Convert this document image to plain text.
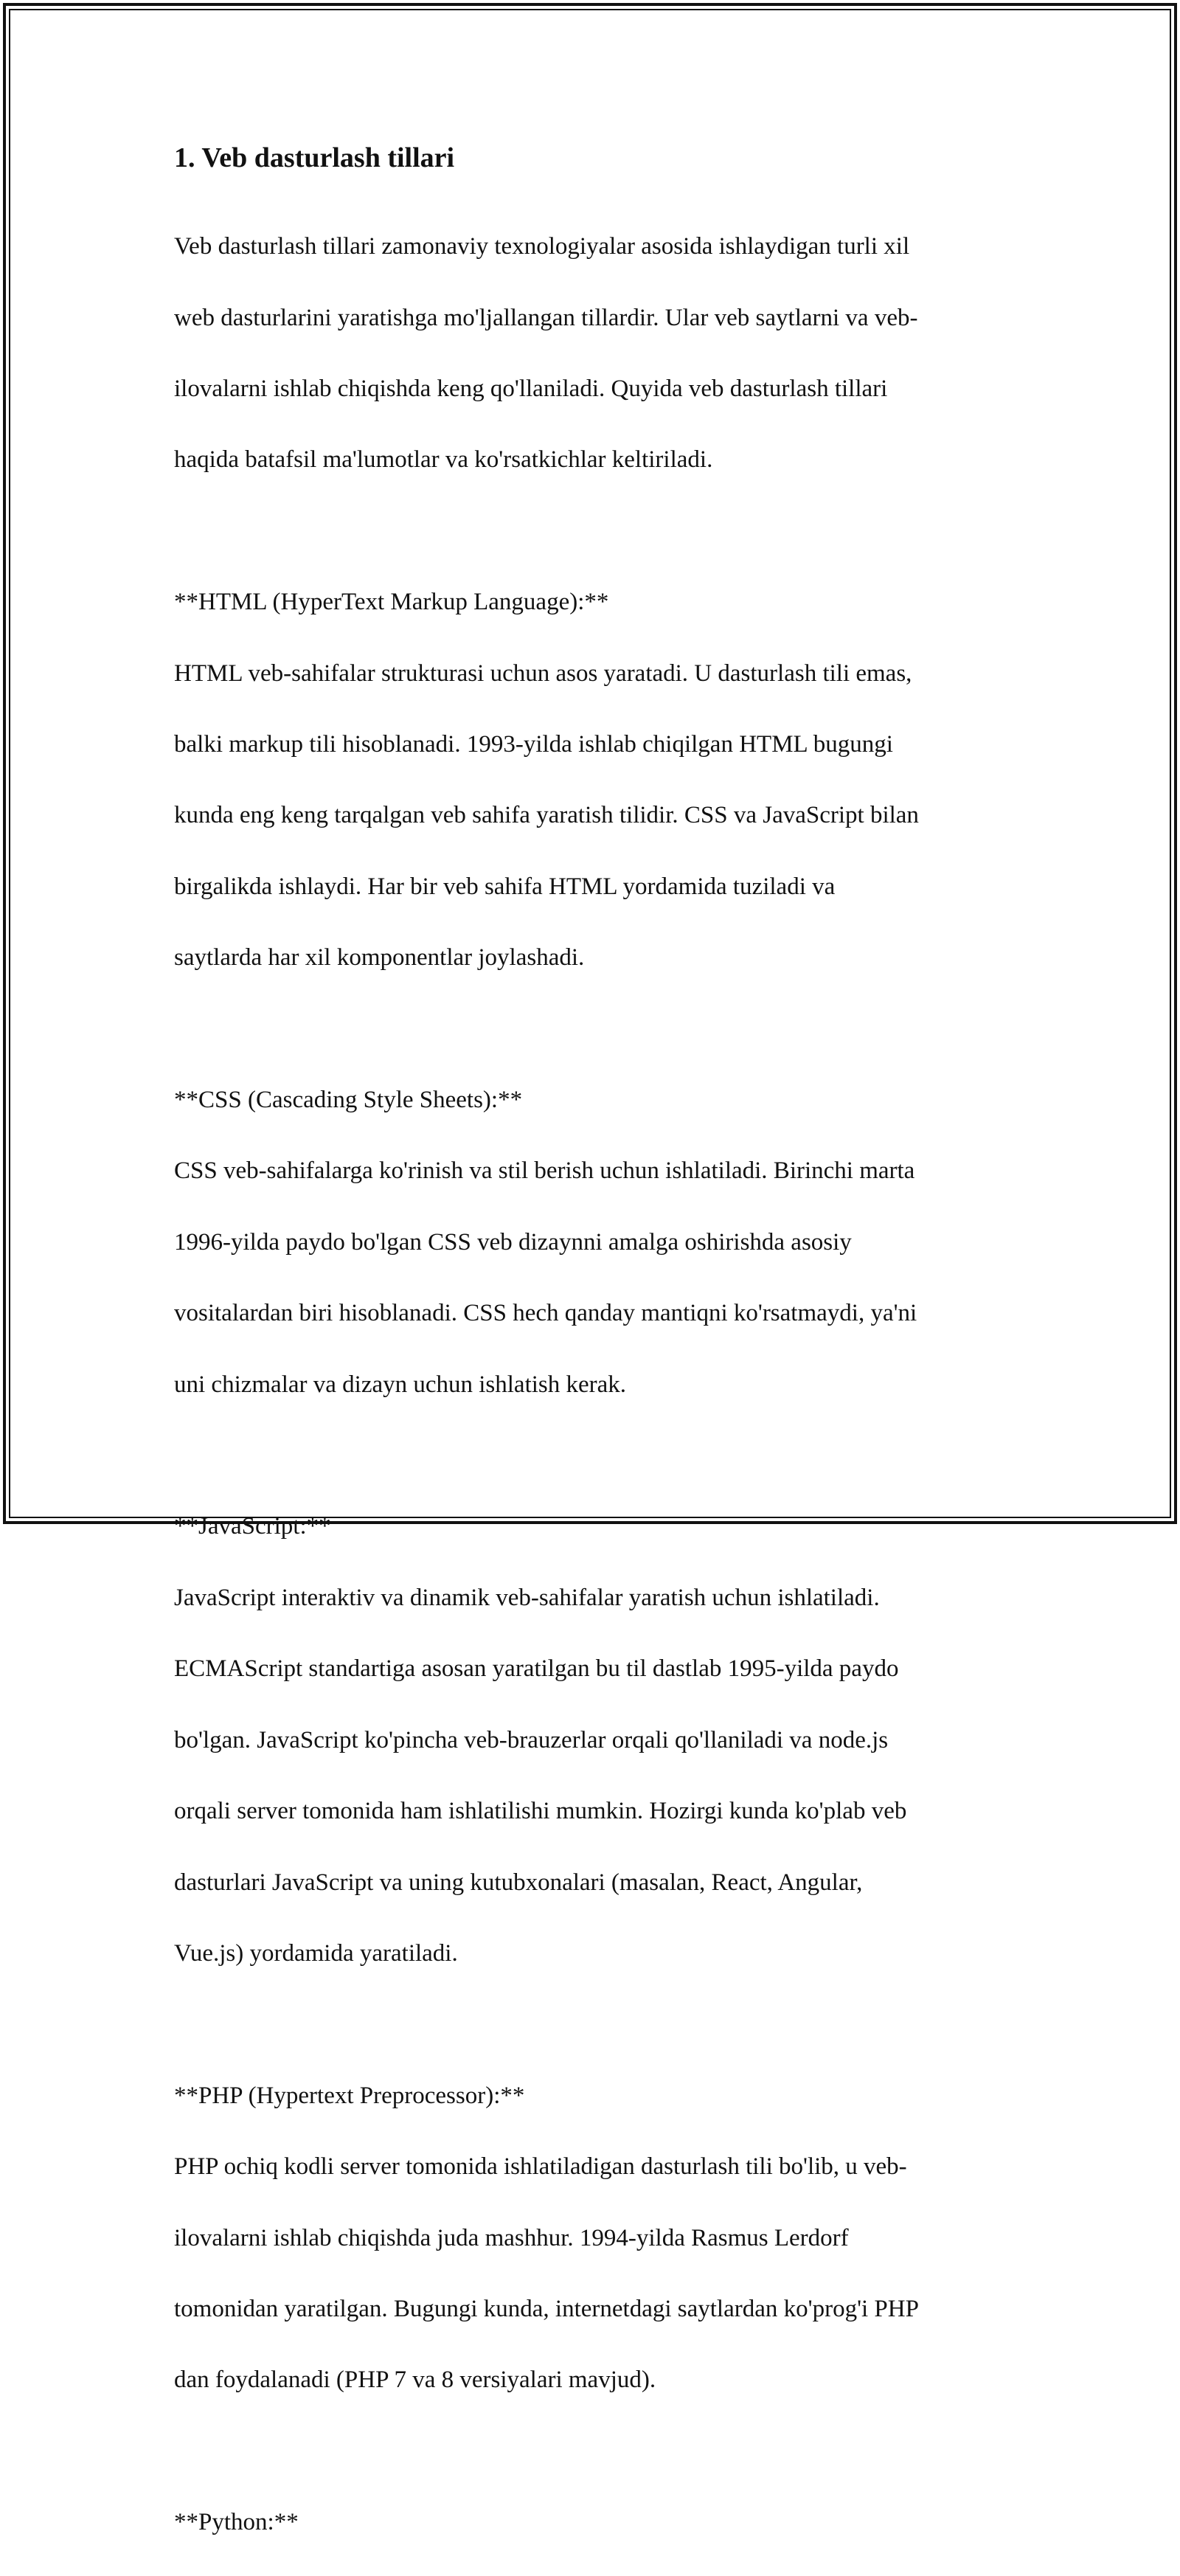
1. Veb dasturlash tillari

Veb dasturlash tillari zamonaviy texnologiyalar asosida ishlaydigan turli xil

web dasturlarini yaratishga mo'ljallangan tillardir. Ular veb saytlarni va veb-

ilovalarni ishlab chiqishda keng qo'llaniladi. Quyida veb dasturlash tillari

haqida batafsil ma'lumotlar va ko'rsatkichlar keltiriladi.

**HTML (HyperText Markup Language):**

HTML veb-sahifalar strukturasi uchun asos yaratadi. U dasturlash tili emas,

balki markup tili hisoblanadi. 1993-yilda ishlab chiqilgan HTML bugungi

kunda eng keng tarqalgan veb sahifa yaratish tilidir. CSS va JavaScript bilan

birgalikda ishlaydi. Har bir veb sahifa HTML yordamida tuziladi va

saytlarda har xil komponentlar joylashadi.

**CSS (Cascading Style Sheets):**

CSS veb-sahifalarga ko'rinish va stil berish uchun ishlatiladi. Birinchi marta

1996-yilda paydo bo'lgan CSS veb dizaynni amalga oshirishda asosiy

vositalardan biri hisoblanadi. CSS hech qanday mantiqni ko'rsatmaydi, ya'ni

uni chizmalar va dizayn uchun ishlatish kerak.

**JavaScript:**

JavaScript interaktiv va dinamik veb-sahifalar yaratish uchun ishlatiladi.

ECMAScript standartiga asosan yaratilgan bu til dastlab 1995-yilda paydo

bo'lgan. JavaScript ko'pincha veb-brauzerlar orqali qo'llaniladi va node.js

orqali server tomonida ham ishlatilishi mumkin. Hozirgi kunda ko'plab veb

dasturlari JavaScript va uning kutubxonalari (masalan, React, Angular,

Vue.js) yordamida yaratiladi.

**PHP (Hypertext Preprocessor):**

PHP ochiq kodli server tomonida ishlatiladigan dasturlash tili bo'lib, u veb-

ilovalarni ishlab chiqishda juda mashhur. 1994-yilda Rasmus Lerdorf

tomonidan yaratilgan. Bugungi kunda, internetdagi saytlardan ko'prog'i PHP

dan foydalanadi (PHP 7 va 8 versiyalari mavjud).

**Python:**
